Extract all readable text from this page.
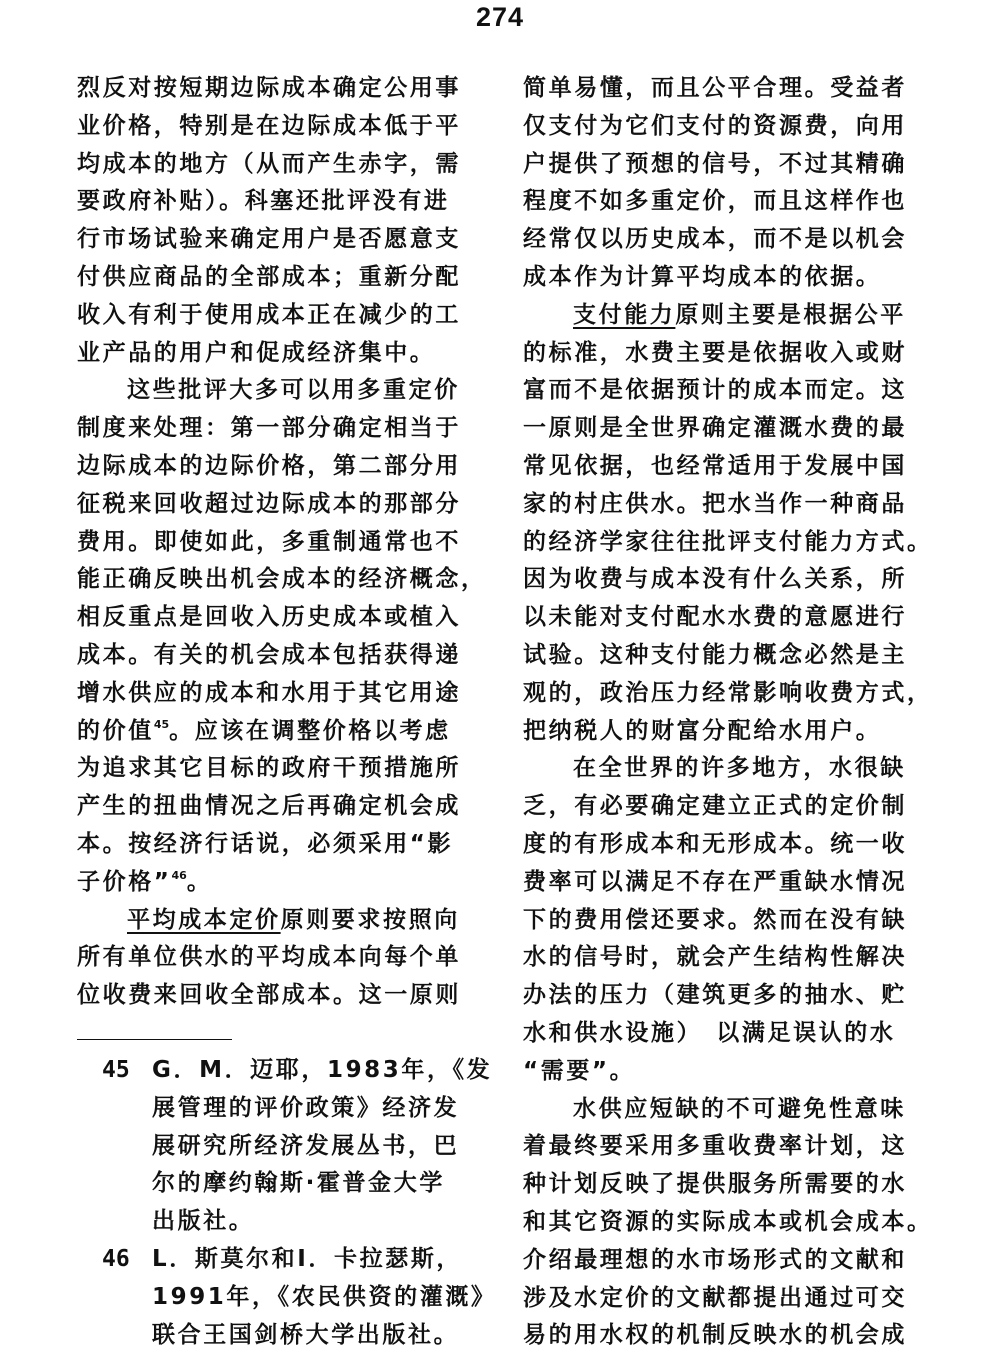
274
烈反对按短期边际成本确定公用事
业价格，特别是在边际成本低于平
均成本的地方（从而产生赤字，需
要政府补贴）。科塞还批评没有进
行市场试验来确定用户是否愿意支
付供应商品的全部成本；重新分配
收入有利于使用成本正在减少的工
业产品的用户和促成经济集中。
这些批评大多可以用多重定价
制度来处理：第一部分确定相当于
边际成本的边际价格，第二部分用
征税来回收超过边际成本的那部分
费用。即使如此，多重制通常也不
能正确反映出机会成本的经济概念，
相反重点是回收入历史成本或植入
成本。有关的机会成本包括获得递
增水供应的成本和水用于其它用途
的价值$^{45}$。应该在调整价格以考虑
为追求其它目标的政府干预措施所
产生的扭曲情况之后再确定机会成
本。按经济行话说，必须采用“影
子价格”$^{46}$。
平均成本定价原则要求按照向
所有单位供水的平均成本向每个单
位收费来回收全部成本。这一原则
45 G．M．迈耶，1983年，《发
展管理的评价政策》经济发
展研究所经济发展丛书，巴
尔的摩约翰斯·霍普金大学
出版社。
46 L．斯莫尔和I．卡拉瑟斯，
1991年，《农民供资的灌溉》
联合王国剑桥大学出版社。
简单易懂，而且公平合理。受益者
仅支付为它们支付的资源费，向用
户提供了预想的信号，不过其精确
程度不如多重定价，而且这样作也
经常仅以历史成本，而不是以机会
成本作为计算平均成本的依据。
支付能力原则主要是根据公平
的标准，水费主要是依据收入或财
富而不是依据预计的成本而定。这
一原则是全世界确定灌溉水费的最
常见依据，也经常适用于发展中国
家的村庄供水。把水当作一种商品
的经济学家往往批评支付能力方式。
因为收费与成本没有什么关系，所
以未能对支付配水水费的意愿进行
试验。这种支付能力概念必然是主
观的，政治压力经常影响收费方式，
把纳税人的财富分配给水用户。
在全世界的许多地方，水很缺
乏，有必要确定建立正式的定价制
度的有形成本和无形成本。统一收
费率可以满足不存在严重缺水情况
下的费用偿还要求。然而在没有缺
水的信号时，就会产生结构性解决
办法的压力（建筑更多的抽水、贮
水和供水设施）　以满足误认的水
“需要”。
水供应短缺的不可避免性意味
着最终要采用多重收费率计划，这
种计划反映了提供服务所需要的水
和其它资源的实际成本或机会成本。
介绍最理想的水市场形式的文献和
涉及水定价的文献都提出通过可交
易的用水权的机制反映水的机会成
